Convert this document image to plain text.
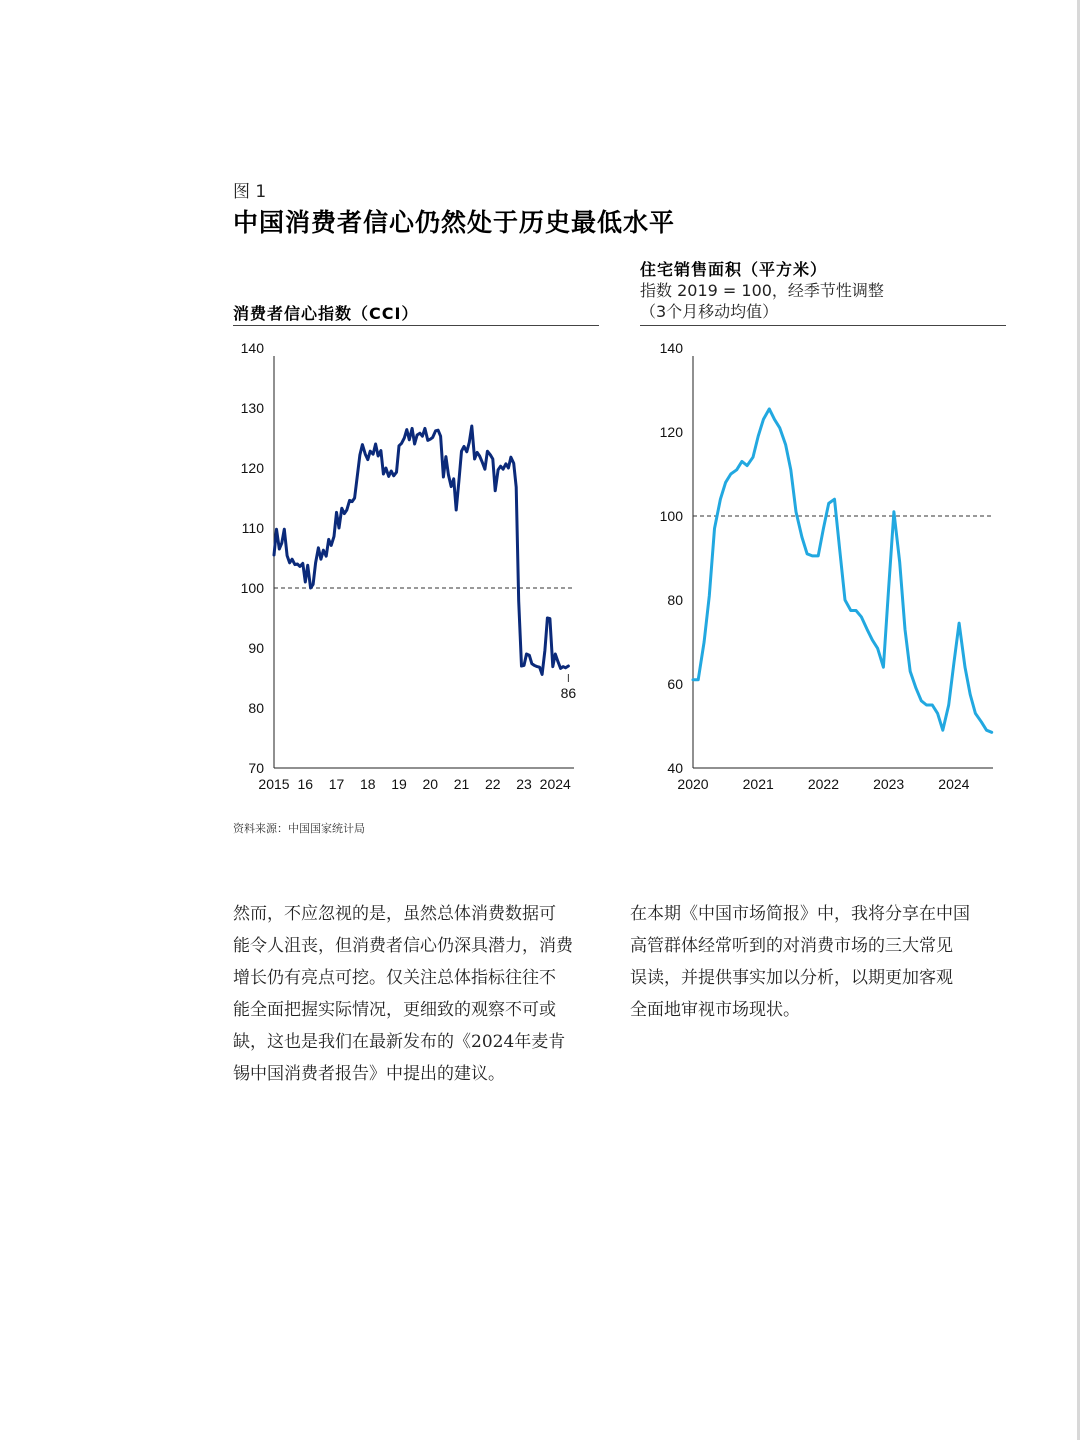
图 1
中国消费者信心仍然处于历史最低水平
消费者信心指数（CCI）
住宅销售面积（平方米）
指数 2019 = 100，经季节性调整
（3个月移动均值）
140
130
120
110
100
90
80
70
2015 16 17 18 19 20 21 22 23 2024
86
140
120
100
80
60
40
2020 2021 2022 2023 2024
资料来源：中国国家统计局
然而，不应忽视的是，虽然总体消费数据可
能令人沮丧，但消费者信心仍深具潜力，消费
增长仍有亮点可挖。仅关注总体指标往往不
能全面把握实际情况，更细致的观察不可或
缺，这也是我们在最新发布的《2024年麦肯
锡中国消费者报告》中提出的建议。
在本期《中国市场简报》中，我将分享在中国
高管群体经常听到的对消费市场的三大常见
误读，并提供事实加以分析，以期更加客观
全面地审视市场现状。
